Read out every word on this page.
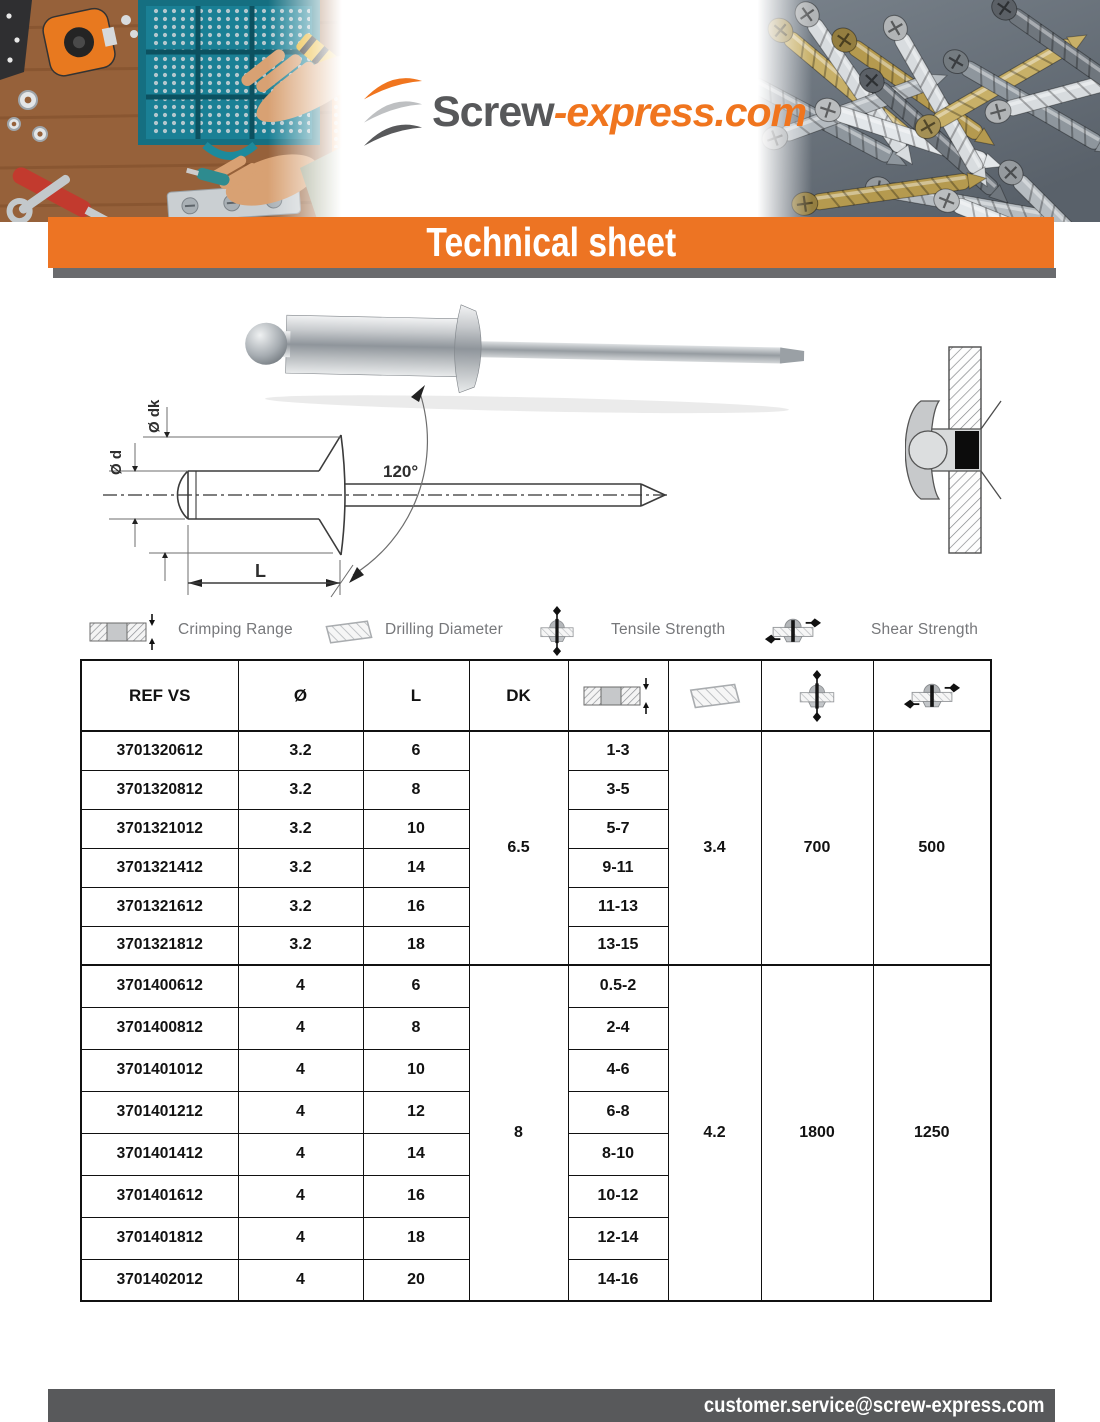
Screw-express.com
Technical sheet
Ø d
Ø dk
120°
L
Crimping Range	Drilling Diameter	Tensile Strength	Shear Strength
REF VS	Ø	L	DK				
3701320612	3.2	6	6.5	1-3	3.4	700	500
3701320812	3.2	8		3-5			
3701321012	3.2	10		5-7			
3701321412	3.2	14		9-11			
3701321612	3.2	16		11-13			
3701321812	3.2	18		13-15			
3701400612	4	6	8	0.5-2	4.2	1800	1250
3701400812	4	8		2-4			
3701401012	4	10		4-6			
3701401212	4	12		6-8			
3701401412	4	14		8-10			
3701401612	4	16		10-12			
3701401812	4	18		12-14			
3701402012	4	20		14-16			
customer.service@screw-express.com
